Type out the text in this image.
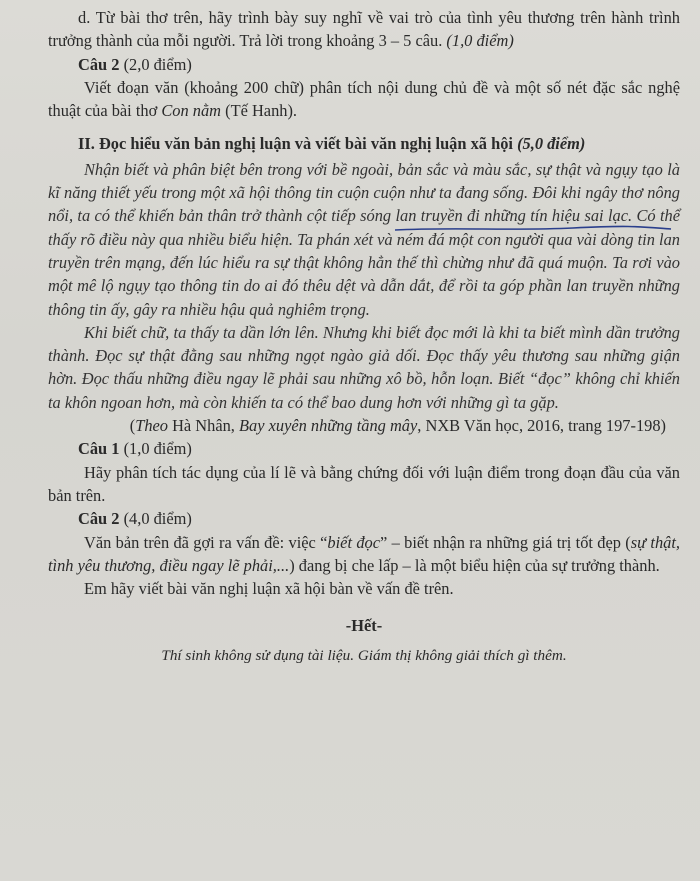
d. Từ bài thơ trên, hãy trình bày suy nghĩ về vai trò của tình yêu thương trên hành trình trưởng thành của mỗi người. Trả lời trong khoảng 3 – 5 câu. (1,0 điểm)

Câu 2 (2,0 điểm)

Viết đoạn văn (khoảng 200 chữ) phân tích nội dung chủ đề và một số nét đặc sắc nghệ thuật của bài thơ Con nằm (Tế Hanh).

II. Đọc hiểu văn bản nghị luận và viết bài văn nghị luận xã hội (5,0 điểm)

Nhận biết và phân biệt bên trong với bề ngoài, bản sắc và màu sắc, sự thật và ngụy tạo là kĩ năng thiết yếu trong một xã hội thông tin cuộn cuộn như ta đang sống. Đôi khi ngây thơ nông nổi, ta có thể khiến bản thân trở thành cột tiếp sóng lan truyền đi những tín hiệu sai lạc.
Có thể thấy rõ điều này qua nhiều biểu hiện. Ta phán xét và ném đá một con người qua vài dòng tin lan truyền trên mạng, đến lúc hiểu ra sự thật không hẳn thế thì chừng như đã quá muộn. Ta rơi vào một mê lộ ngụy tạo thông tin do ai đó thêu dệt và dẫn dắt, để rồi ta góp phần lan truyền những thông tin ấy, gây ra nhiều hậu quả nghiêm trọng.

Khi biết chữ, ta thấy ta dần lớn lên. Nhưng khi biết đọc mới là khi ta biết mình dần trưởng thành. Đọc sự thật đằng sau những ngọt ngào giả dối. Đọc thấy yêu thương sau những giận hờn. Đọc thấu những điều ngay lẽ phải sau những xô bồ, hỗn loạn. Biết “đọc” không chỉ khiến ta khôn ngoan hơn, mà còn khiến ta có thể bao dung hơn với những gì ta gặp.

(Theo Hà Nhân, Bay xuyên những tầng mây, NXB Văn học, 2016, trang 197-198)

Câu 1 (1,0 điểm)

Hãy phân tích tác dụng của lí lẽ và bằng chứng đối với luận điểm trong đoạn đầu của văn bản trên.

Câu 2 (4,0 điểm)

Văn bản trên đã gợi ra vấn đề: việc “biết đọc” – biết nhận ra những giá trị tốt đẹp (sự thật, tình yêu thương, điều ngay lẽ phải,...) đang bị che lấp – là một biểu hiện của sự trưởng thành.

Em hãy viết bài văn nghị luận xã hội bàn về vấn đề trên.

-Hết-

Thí sinh không sử dụng tài liệu. Giám thị không giải thích gì thêm.
